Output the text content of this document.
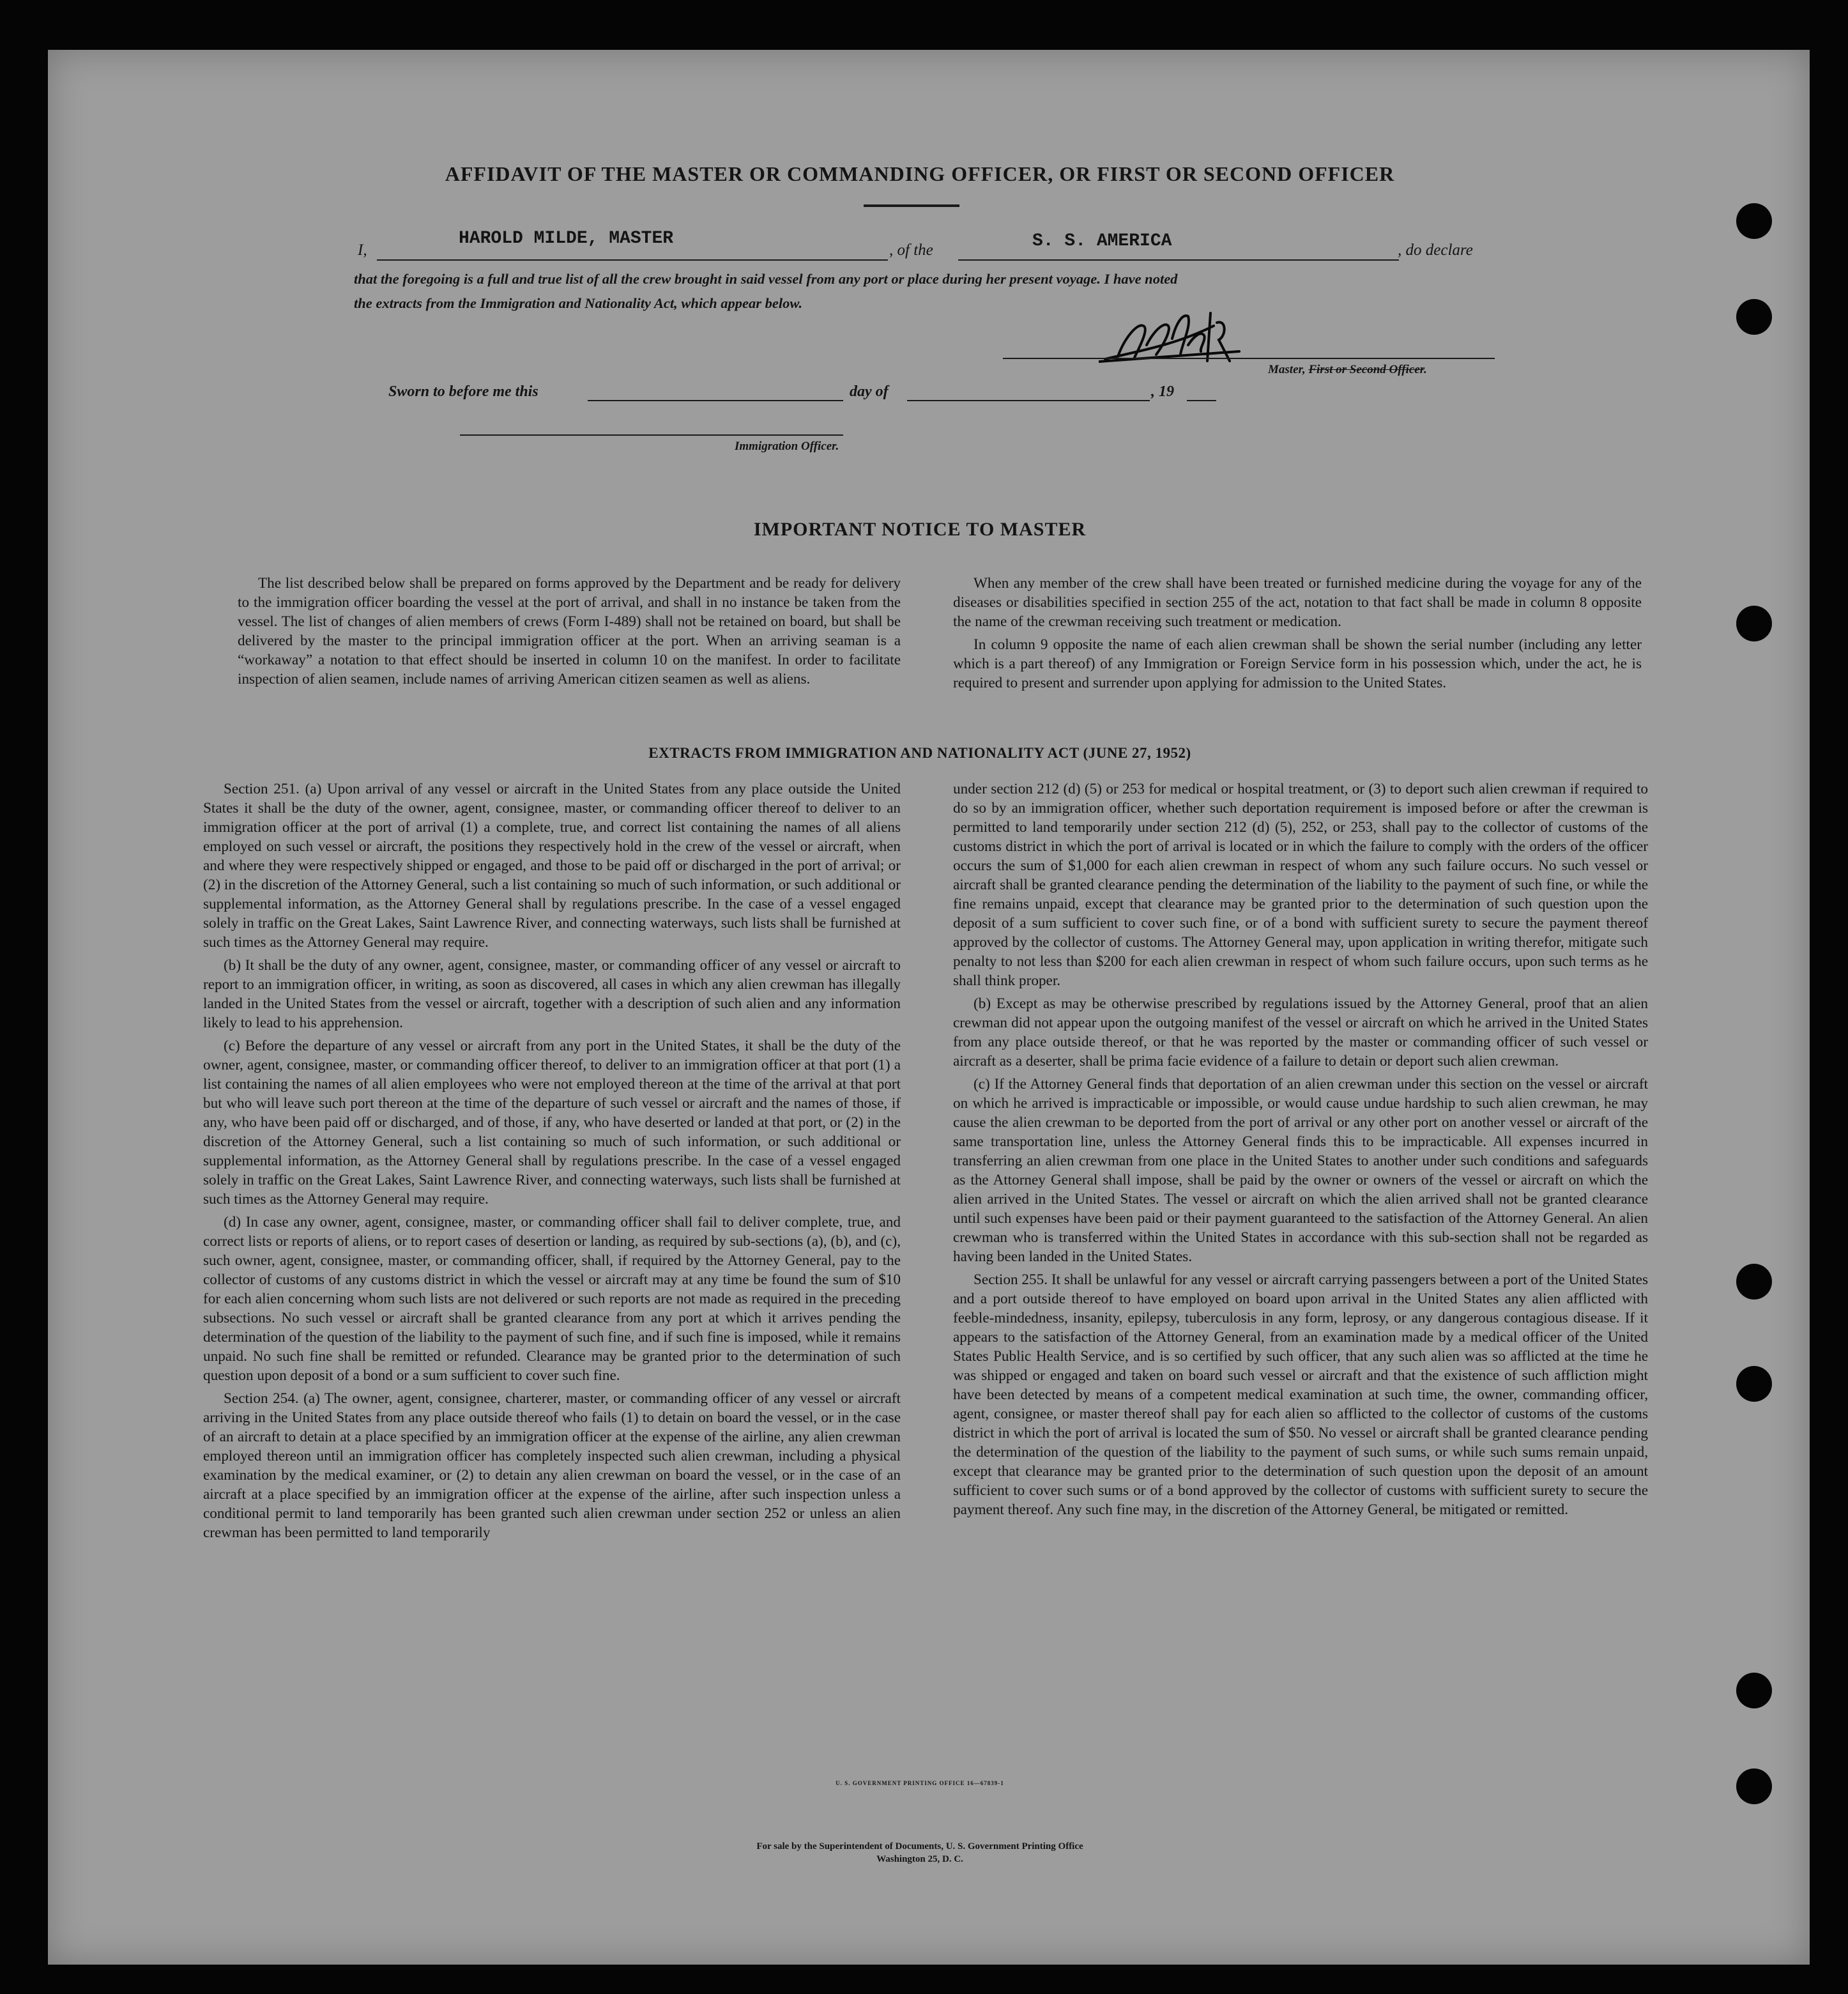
AFFIDAVIT OF THE MASTER OR COMMANDING OFFICER, OR FIRST OR SECOND OFFICER
I,
HAROLD MILDE, MASTER
, of the	S. S. AMERICA	, do declare
that the foregoing is a full and true list of all the crew brought in said vessel from any port or place during her present voyage. I have noted
the extracts from the Immigration and Nationality Act, which appear below.
Master, First or Second Officer.
Sworn to before me this	day of	, 19
Immigration Officer.
IMPORTANT NOTICE TO MASTER

The list described below shall be prepared on forms approved by the Department and be ready for delivery to the immigration officer boarding the vessel at the port of arrival, and shall in no instance be taken from the vessel. The list of changes of alien members of crews (Form I-489) shall not be retained on board, but shall be delivered by the master to the principal immigration officer at the port. When an arriving seaman is a “workaway” a notation to that effect should be inserted in column 10 on the manifest. In order to facilitate inspection of alien seamen, include names of arriving American citizen seamen as well as aliens.

When any member of the crew shall have been treated or furnished medicine during the voyage for any of the diseases or disabilities specified in section 255 of the act, notation to that fact shall be made in column 8 opposite the name of the crewman receiving such treatment or medication.

In column 9 opposite the name of each alien crewman shall be shown the serial number (including any letter which is a part thereof) of any Immigration or Foreign Service form in his possession which, under the act, he is required to present and surrender upon applying for admission to the United States.

EXTRACTS FROM IMMIGRATION AND NATIONALITY ACT (JUNE 27, 1952)

Section 251. (a) Upon arrival of any vessel or aircraft in the United States from any place outside the United States it shall be the duty of the owner, agent, consignee, master, or commanding officer thereof to deliver to an immigration officer at the port of arrival (1) a complete, true, and correct list containing the names of all aliens employed on such vessel or aircraft, the positions they respectively hold in the crew of the vessel or aircraft, when and where they were respectively shipped or engaged, and those to be paid off or discharged in the port of arrival; or (2) in the discretion of the Attorney General, such a list containing so much of such information, or such additional or supplemental information, as the Attorney General shall by regulations prescribe. In the case of a vessel engaged solely in traffic on the Great Lakes, Saint Lawrence River, and connecting waterways, such lists shall be furnished at such times as the Attorney General may require.

(b) It shall be the duty of any owner, agent, consignee, master, or commanding officer of any vessel or aircraft to report to an immigration officer, in writing, as soon as discovered, all cases in which any alien crewman has illegally landed in the United States from the vessel or aircraft, together with a description of such alien and any information likely to lead to his apprehension.

(c) Before the departure of any vessel or aircraft from any port in the United States, it shall be the duty of the owner, agent, consignee, master, or commanding officer thereof, to deliver to an immigration officer at that port (1) a list containing the names of all alien employees who were not employed thereon at the time of the arrival at that port but who will leave such port thereon at the time of the departure of such vessel or aircraft and the names of those, if any, who have been paid off or discharged, and of those, if any, who have deserted or landed at that port, or (2) in the discretion of the Attorney General, such a list containing so much of such information, or such additional or supplemental information, as the Attorney General shall by regulations prescribe. In the case of a vessel engaged solely in traffic on the Great Lakes, Saint Lawrence River, and connecting waterways, such lists shall be furnished at such times as the Attorney General may require.

(d) In case any owner, agent, consignee, master, or commanding officer shall fail to deliver complete, true, and correct lists or reports of aliens, or to report cases of desertion or landing, as required by sub-sections (a), (b), and (c), such owner, agent, consignee, master, or commanding officer, shall, if required by the Attorney General, pay to the collector of customs of any customs district in which the vessel or aircraft may at any time be found the sum of $10 for each alien concerning whom such lists are not delivered or such reports are not made as required in the preceding subsections. No such vessel or aircraft shall be granted clearance from any port at which it arrives pending the determination of the question of the liability to the payment of such fine, and if such fine is imposed, while it remains unpaid. No such fine shall be remitted or refunded. Clearance may be granted prior to the determination of such question upon deposit of a bond or a sum sufficient to cover such fine.

Section 254. (a) The owner, agent, consignee, charterer, master, or commanding officer of any vessel or aircraft arriving in the United States from any place outside thereof who fails (1) to detain on board the vessel, or in the case of an aircraft to detain at a place specified by an immigration officer at the expense of the airline, any alien crewman employed thereon until an immigration officer has completely inspected such alien crewman, including a physical examination by the medical examiner, or (2) to detain any alien crewman on board the vessel, or in the case of an aircraft at a place specified by an immigration officer at the expense of the airline, after such inspection unless a conditional permit to land temporarily has been granted such alien crewman under section 252 or unless an alien crewman has been permitted to land temporarily

under section 212 (d) (5) or 253 for medical or hospital treatment, or (3) to deport such alien crewman if required to do so by an immigration officer, whether such deportation requirement is imposed before or after the crewman is permitted to land temporarily under section 212 (d) (5), 252, or 253, shall pay to the collector of customs of the customs district in which the port of arrival is located or in which the failure to comply with the orders of the officer occurs the sum of $1,000 for each alien crewman in respect of whom any such failure occurs. No such vessel or aircraft shall be granted clearance pending the determination of the liability to the payment of such fine, or while the fine remains unpaid, except that clearance may be granted prior to the determination of such question upon the deposit of a sum sufficient to cover such fine, or of a bond with sufficient surety to secure the payment thereof approved by the collector of customs. The Attorney General may, upon application in writing therefor, mitigate such penalty to not less than $200 for each alien crewman in respect of whom such failure occurs, upon such terms as he shall think proper.

(b) Except as may be otherwise prescribed by regulations issued by the Attorney General, proof that an alien crewman did not appear upon the outgoing manifest of the vessel or aircraft on which he arrived in the United States from any place outside thereof, or that he was reported by the master or commanding officer of such vessel or aircraft as a deserter, shall be prima facie evidence of a failure to detain or deport such alien crewman.

(c) If the Attorney General finds that deportation of an alien crewman under this section on the vessel or aircraft on which he arrived is impracticable or impossible, or would cause undue hardship to such alien crewman, he may cause the alien crewman to be deported from the port of arrival or any other port on another vessel or aircraft of the same transportation line, unless the Attorney General finds this to be impracticable. All expenses incurred in transferring an alien crewman from one place in the United States to another under such conditions and safeguards as the Attorney General shall impose, shall be paid by the owner or owners of the vessel or aircraft on which the alien arrived in the United States. The vessel or aircraft on which the alien arrived shall not be granted clearance until such expenses have been paid or their payment guaranteed to the satisfaction of the Attorney General. An alien crewman who is transferred within the United States in accordance with this sub-section shall not be regarded as having been landed in the United States.

Section 255. It shall be unlawful for any vessel or aircraft carrying passengers between a port of the United States and a port outside thereof to have employed on board upon arrival in the United States any alien afflicted with feeble-mindedness, insanity, epilepsy, tuberculosis in any form, leprosy, or any dangerous contagious disease. If it appears to the satisfaction of the Attorney General, from an examination made by a medical officer of the United States Public Health Service, and is so certified by such officer, that any such alien was so afflicted at the time he was shipped or engaged and taken on board such vessel or aircraft and that the existence of such affliction might have been detected by means of a competent medical examination at such time, the owner, commanding officer, agent, consignee, or master thereof shall pay for each alien so afflicted to the collector of customs of the customs district in which the port of arrival is located the sum of $50. No vessel or aircraft shall be granted clearance pending the determination of the question of the liability to the payment of such sums, or while such sums remain unpaid, except that clearance may be granted prior to the determination of such question upon the deposit of an amount sufficient to cover such sums or of a bond approved by the collector of customs with sufficient surety to secure the payment thereof. Any such fine may, in the discretion of the Attorney General, be mitigated or remitted.

U. S. GOVERNMENT PRINTING OFFICE 16—67839-1
For sale by the Superintendent of Documents, U. S. Government Printing Office
Washington 25, D. C.
